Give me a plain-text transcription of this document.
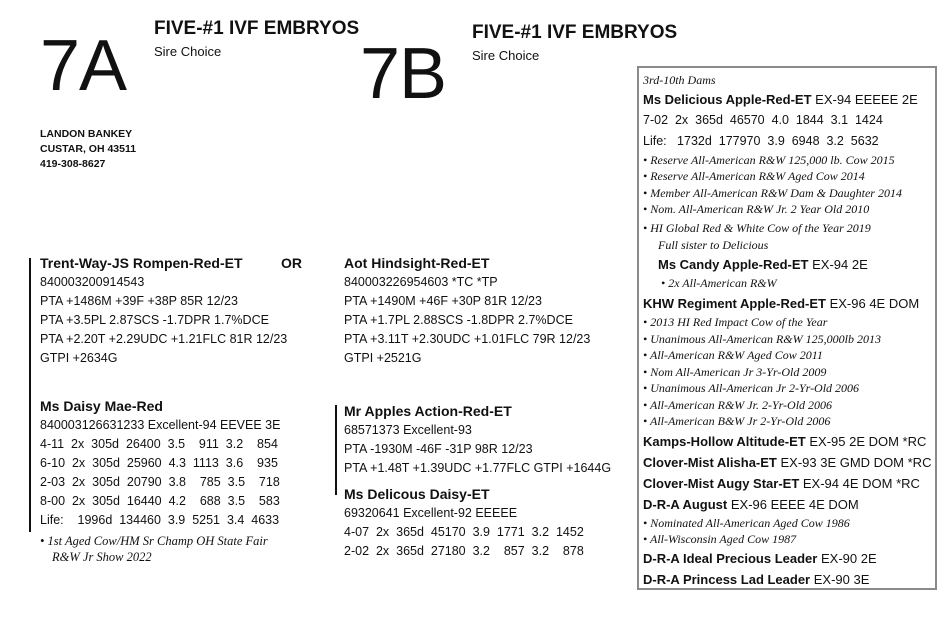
7A FIVE-#1 IVF EMBRYOS
Sire Choice
LANDON BANKEY
CUSTAR, OH 43511
419-308-8627
7B
FIVE-#1 IVF EMBRYOS
Sire Choice
Trent-Way-JS Rompen-Red-ET
840003200914543
PTA +1486M +39F +38P 85R 12/23
PTA +3.5PL 2.87SCS -1.7DPR 1.7%DCE
PTA +2.20T +2.29UDC +1.21FLC 81R 12/23
GTPI +2634G
OR	Aot Hindsight-Red-ET
840003226954603 *TC *TP
PTA +1490M +46F +30P 81R 12/23
PTA +1.7PL 2.88SCS -1.8DPR 2.7%DCE
PTA +3.11T +2.30UDC +1.01FLC 79R 12/23
GTPI +2521G
Ms Daisy Mae-Red
840003126631233 Excellent-94 EEVEE 3E
4-11  2x  305d  26400  3.5    911  3.2    854
6-10  2x  305d  25960  4.3  1113  3.6    935
2-03  2x  305d  20790  3.8    785  3.5    718
8-00  2x  305d  16440  4.2    688  3.5    583
Life:    1996d  134460  3.9  5251  3.4  4633
• 1st Aged Cow/HM Sr Champ OH State Fair
R&W Jr Show 2022
Mr Apples Action-Red-ET
68571373 Excellent-93
PTA -1930M -46F -31P 98R 12/23
PTA +1.48T +1.39UDC +1.77FLC GTPI +1644G
Ms Delicous Daisy-ET
69320641 Excellent-92 EEEEE
4-07  2x  365d  45170  3.9  1771  3.2  1452
2-02  2x  365d  27180  3.2    857  3.2    878
3rd-10th Dams
Ms Delicious Apple-Red-ET EX-94 EEEEE 2E
7-02  2x  365d  46570  4.0  1844  3.1  1424
Life:   1732d  177970  3.9  6948  3.2  5632
• Reserve All-American R&W 125,000 lb. Cow 2015
• Reserve All-American R&W Aged Cow 2014
• Member All-American R&W Dam & Daughter 2014
• Nom. All-American R&W Jr. 2 Year Old 2010
• HI Global Red & White Cow of the Year 2019
Full sister to Delicious
Ms Candy Apple-Red-ET EX-94 2E
• 2x All-American R&W
KHW Regiment Apple-Red-ET EX-96 4E DOM
• 2013 HI Red Impact Cow of the Year
• Unanimous All-American R&W 125,000lb 2013
• All-American R&W Aged Cow 2011
• Nom All-American Jr 3-Yr-Old 2009
• Unanimous All-American Jr 2-Yr-Old 2006
• All-American R&W Jr. 2-Yr-Old 2006
• All-American B&W Jr 2-Yr-Old 2006
Kamps-Hollow Altitude-ET EX-95 2E DOM *RC
Clover-Mist Alisha-ET EX-93 3E GMD DOM *RC
Clover-Mist Augy Star-ET EX-94 4E DOM *RC
D-R-A August EX-96 EEEE 4E DOM
• Nominated All-American Aged Cow 1986
• All-Wisconsin Aged Cow 1987
D-R-A Ideal Precious Leader EX-90 2E
D-R-A Princess Lad Leader EX-90 3E
